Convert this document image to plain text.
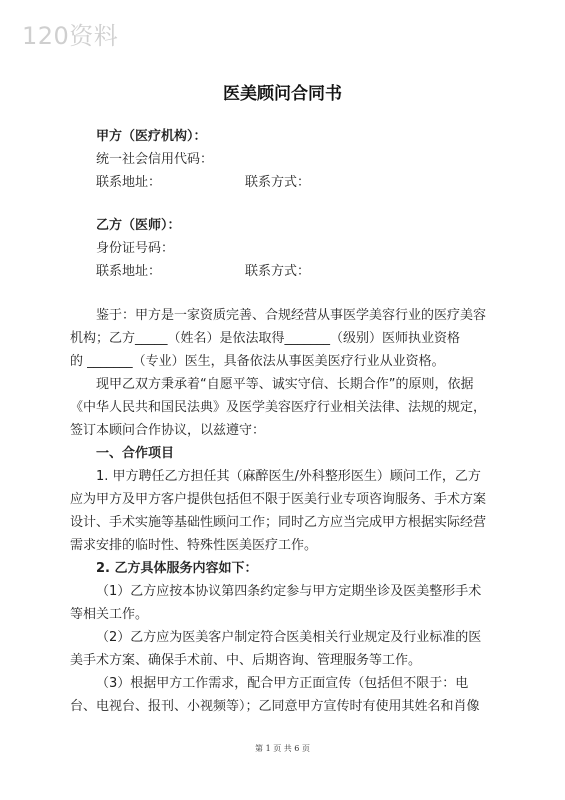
120资料
医美顾问合同书
甲方（医疗机构）：
统一社会信用代码：
联系地址：	联系方式：
乙方（医师）：
身份证号码：
联系地址：	联系方式：
鉴于：甲方是一家资质完善、合规经营从事医学美容行业的医疗美容
机构；乙方_____（姓名）是依法取得_______（级别）医师执业资格
的 _______（专业）医生，具备依法从事医美医疗行业从业资格。
现甲乙双方秉承着“自愿平等、诚实守信、长期合作”的原则，依据
《中华人民共和国民法典》及医学美容医疗行业相关法律、法规的规定，
签订本顾问合作协议，以兹遵守：
一、合作项目
1. 甲方聘任乙方担任其（麻醉医生/外科整形医生）顾问工作，乙方
应为甲方及甲方客户提供包括但不限于医美行业专项咨询服务、手术方案
设计、手术实施等基础性顾问工作；同时乙方应当完成甲方根据实际经营
需求安排的临时性、特殊性医美医疗工作。
2. 乙方具体服务内容如下：
（1）乙方应按本协议第四条约定参与甲方定期坐诊及医美整形手术
等相关工作。
（2）乙方应为医美客户制定符合医美相关行业规定及行业标准的医
美手术方案、确保手术前、中、后期咨询、管理服务等工作。
（3）根据甲方工作需求，配合甲方正面宣传（包括但不限于：电
台、电视台、报刊、小视频等）；乙同意甲方宣传时有使用其姓名和肖像
第 1 页 共 6 页
